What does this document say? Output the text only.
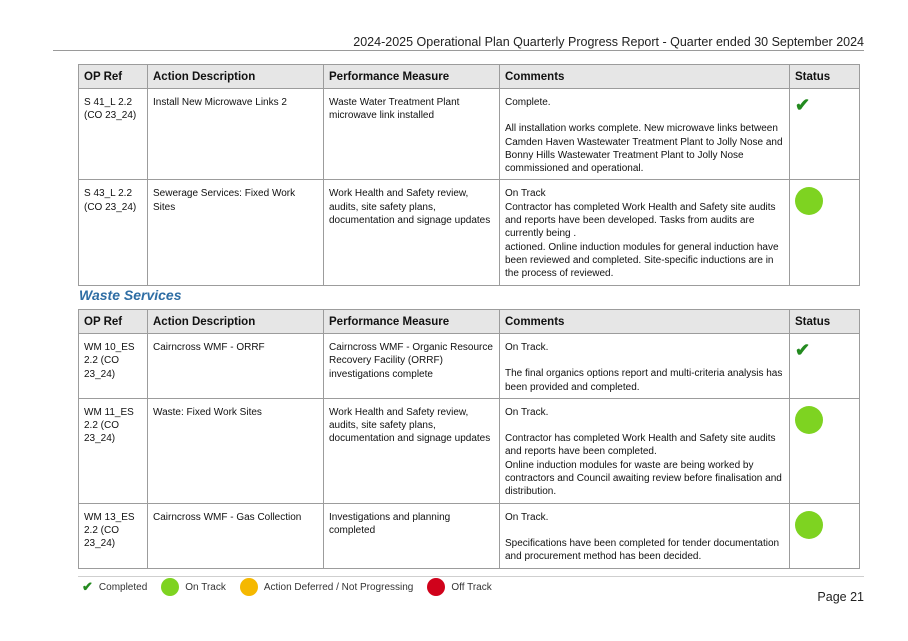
2024-2025 Operational Plan Quarterly Progress Report - Quarter ended 30 September 2024
OP Ref	Action Description	Performance Measure	Comments	Status
S 41_L 2.2 (CO 23_24)	Install New Microwave Links 2	Waste Water Treatment Plant microwave link installed	Complete.
All installation works complete. New microwave links between Camden Haven Wastewater Treatment Plant to Jolly Nose and Bonny Hills Wastewater Treatment Plant to Jolly Nose commissioned and operational.	✔
S 43_L 2.2 (CO 23_24)	Sewerage Services: Fixed Work Sites	Work Health and Safety review, audits, site safety plans, documentation and signage updates	On Track
Contractor has completed Work Health and Safety site audits and reports have been developed. Tasks from audits are currently being .
actioned. Online induction modules for general induction have been reviewed and completed. Site-specific inductions are in the process of reviewed.	

Waste Services
OP Ref	Action Description	Performance Measure	Comments	Status
WM 10_ES 2.2 (CO 23_24)	Cairncross WMF - ORRF	Cairncross WMF - Organic Resource Recovery Facility (ORRF) investigations complete	On Track.
The final organics options report and multi-criteria analysis has been provided and completed.	✔
WM 11_ES 2.2 (CO 23_24)	Waste: Fixed Work Sites	Work Health and Safety review, audits, site safety plans, documentation and signage updates	On Track.
Contractor has completed Work Health and Safety site audits and reports have been completed.
Online induction modules for waste are being worked by contractors and Council awaiting review before finalisation and distribution.	

WM 13_ES 2.2 (CO 23_24)	Cairncross WMF - Gas Collection	Investigations and planning completed	On Track.
Specifications have been completed for tender documentation and procurement method has been decided.	

✔ Completed	On Track	Action Deferred / Not Progressing	Off Track
Page 21
